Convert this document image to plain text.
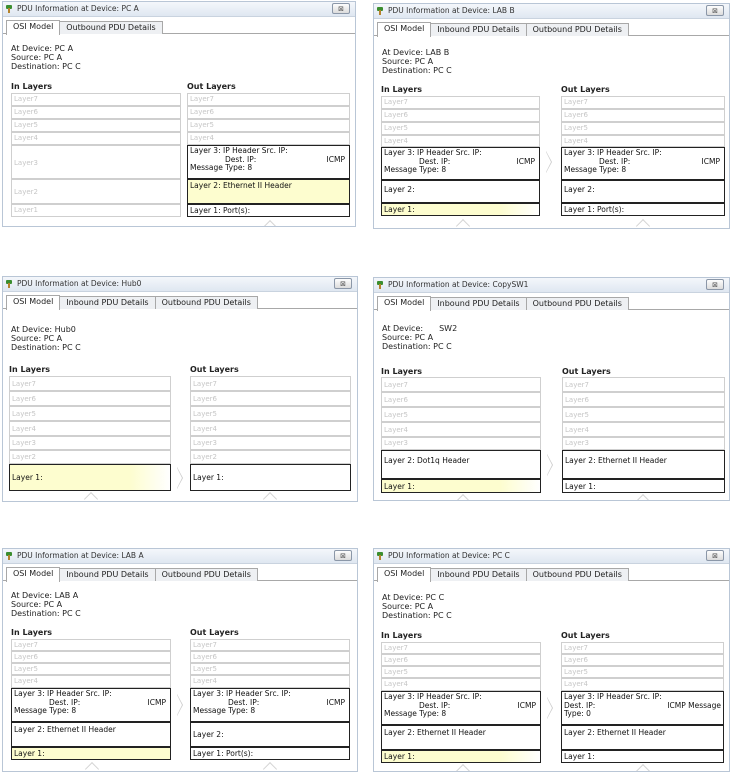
PDU Information at Device: PC A	⊠
OSI Model Outbound PDU Details
At Device: PC A
Source: PC A
Destination: PC C
In Layers	Out Layers
Layer7
Layer6
Layer5
Layer4
Layer3
Layer2
Layer1
Layer7
Layer6
Layer5
Layer4
Layer 3: IP Header Src. IP:
Dest. IP:	ICMP
Message Type: 8
Layer 2: Ethernet II Header
Layer 1: Port(s):
PDU Information at Device: LAB B	⊠
OSI Model Inbound PDU Details Outbound PDU Details
At Device: LAB B
Source: PC A
Destination: PC C
In Layers	Out Layers
Layer7
Layer6
Layer5
Layer4
Layer 3: IP Header Src. IP:
Dest. IP:	ICMP
Message Type: 8
Layer 2:
Layer 1:
Layer7
Layer6
Layer5
Layer4
Layer 3: IP Header Src. IP:
Dest. IP:	ICMP
Message Type: 8
Layer 2:
Layer 1: Port(s):
PDU Information at Device: Hub0	⊠
OSI Model Inbound PDU Details Outbound PDU Details
At Device: Hub0
Source: PC A
Destination: PC C
In Layers	Out Layers
Layer7
Layer6
Layer5
Layer4
Layer3
Layer2
Layer 1:
Layer7
Layer6
Layer5
Layer4
Layer3
Layer2
Layer 1:
PDU Information at Device: CopySW1	⊠
OSI Model Inbound PDU Details Outbound PDU Details
At Device: SW2
Source: PC A
Destination: PC C
In Layers	Out Layers
Layer7
Layer6
Layer5
Layer4
Layer3
Layer 2: Dot1q Header
Layer 1:
Layer7
Layer6
Layer5
Layer4
Layer3
Layer 2: Ethernet II Header
Layer 1:
PDU Information at Device: LAB A	⊠
OSI Model Inbound PDU Details Outbound PDU Details
At Device: LAB A
Source: PC A
Destination: PC C
In Layers	Out Layers
Layer7
Layer6
Layer5
Layer4
Layer 3: IP Header Src. IP:
Dest. IP:	ICMP
Message Type: 8
Layer 2: Ethernet II Header
Layer 1:
Layer7
Layer6
Layer5
Layer4
Layer 3: IP Header Src. IP:
Dest. IP:	ICMP
Message Type: 8
Layer 2:
Layer 1: Port(s):
PDU Information at Device: PC C	⊠
OSI Model Inbound PDU Details Outbound PDU Details
At Device: PC C
Source: PC A
Destination: PC C
In Layers	Out Layers
Layer7
Layer6
Layer5
Layer4
Layer 3: IP Header Src. IP:
Dest. IP:	ICMP
Message Type: 8
Layer 2: Ethernet II Header
Layer 1:
Layer7
Layer6
Layer5
Layer4
Layer 3: IP Header Src. IP:
Dest. IP:	ICMP Message
Type: 0
Layer 2: Ethernet II Header
Layer 1:
